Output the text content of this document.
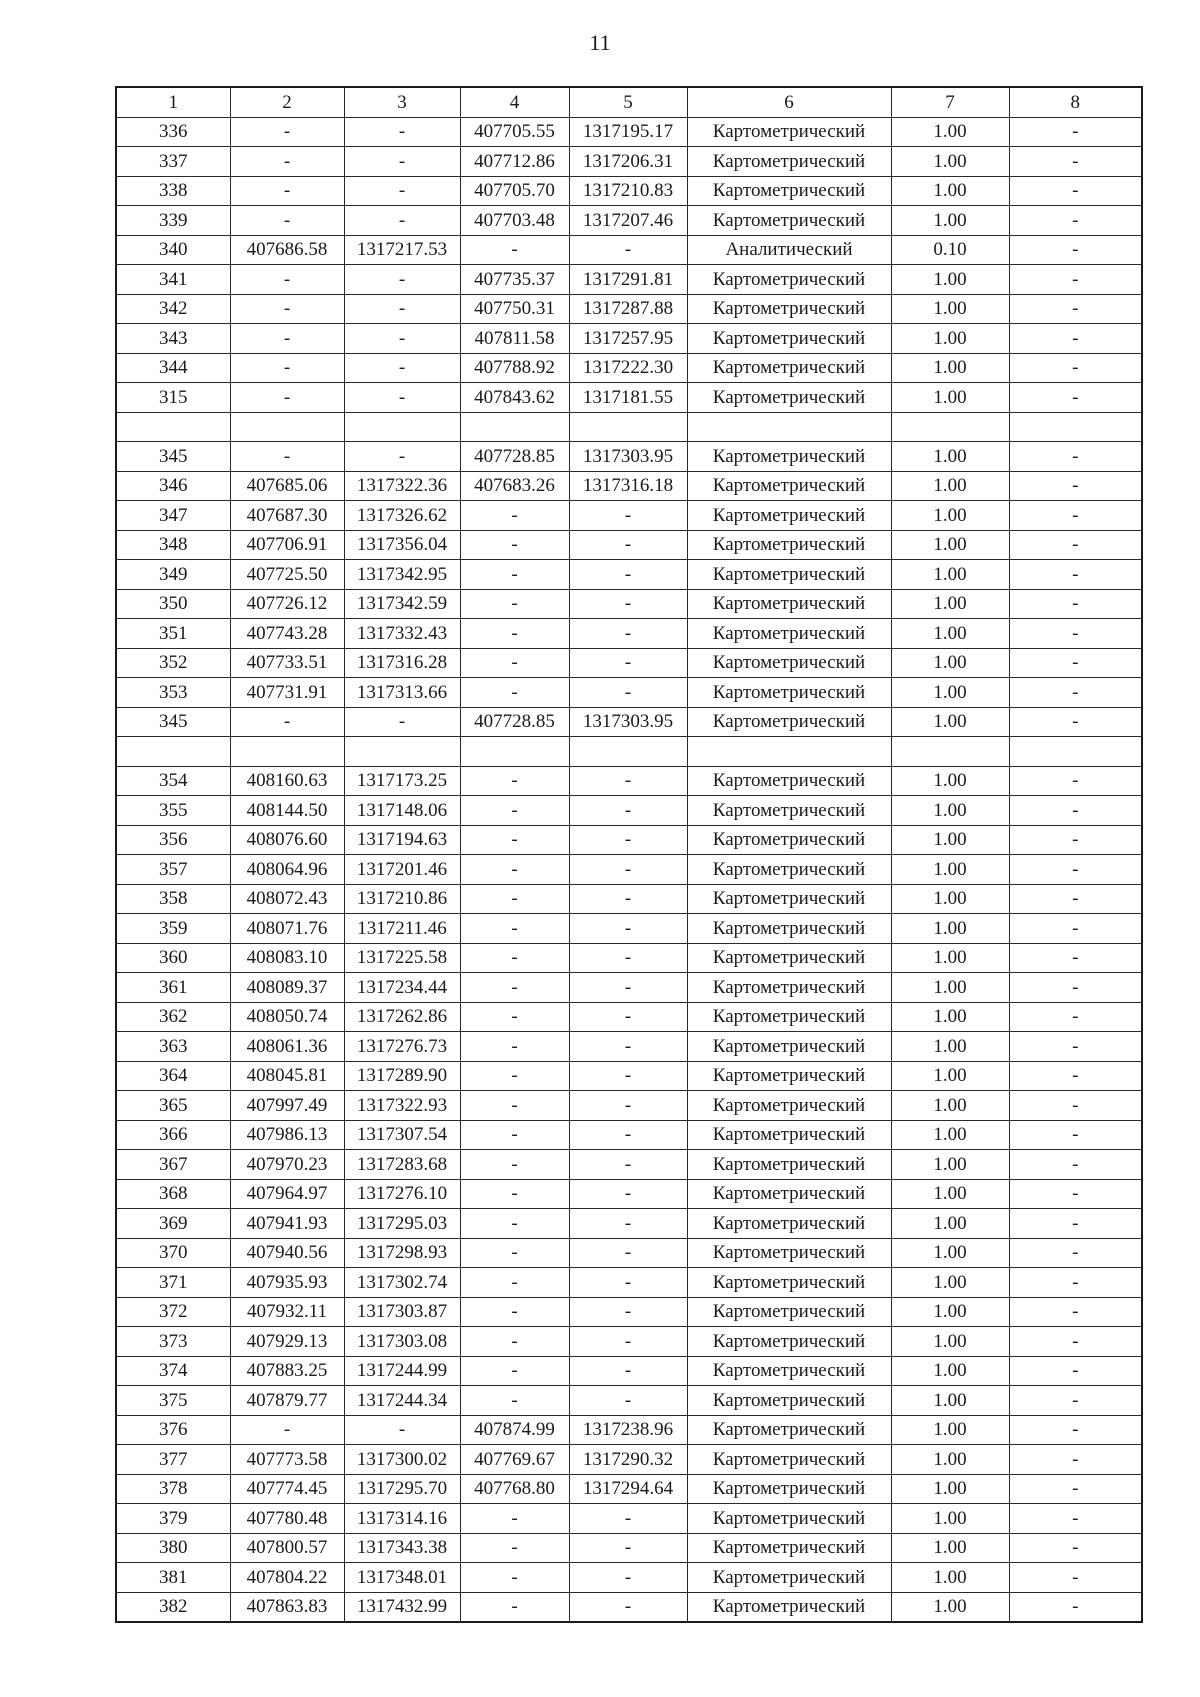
11
1	2	3	4	5	6	7	8
336	-	-	407705.55	1317195.17	Картометрический	1.00	-
337	-	-	407712.86	1317206.31	Картометрический	1.00	-
338	-	-	407705.70	1317210.83	Картометрический	1.00	-
339	-	-	407703.48	1317207.46	Картометрический	1.00	-
340	407686.58	1317217.53	-	-	Аналитический	0.10	-
341	-	-	407735.37	1317291.81	Картометрический	1.00	-
342	-	-	407750.31	1317287.88	Картометрический	1.00	-
343	-	-	407811.58	1317257.95	Картометрический	1.00	-
344	-	-	407788.92	1317222.30	Картометрический	1.00	-
315	-	-	407843.62	1317181.55	Картометрический	1.00	-

345	-	-	407728.85	1317303.95	Картометрический	1.00	-
346	407685.06	1317322.36	407683.26	1317316.18	Картометрический	1.00	-
347	407687.30	1317326.62	-	-	Картометрический	1.00	-
348	407706.91	1317356.04	-	-	Картометрический	1.00	-
349	407725.50	1317342.95	-	-	Картометрический	1.00	-
350	407726.12	1317342.59	-	-	Картометрический	1.00	-
351	407743.28	1317332.43	-	-	Картометрический	1.00	-
352	407733.51	1317316.28	-	-	Картометрический	1.00	-
353	407731.91	1317313.66	-	-	Картометрический	1.00	-
345	-	-	407728.85	1317303.95	Картометрический	1.00	-

354	408160.63	1317173.25	-	-	Картометрический	1.00	-
355	408144.50	1317148.06	-	-	Картометрический	1.00	-
356	408076.60	1317194.63	-	-	Картометрический	1.00	-
357	408064.96	1317201.46	-	-	Картометрический	1.00	-
358	408072.43	1317210.86	-	-	Картометрический	1.00	-
359	408071.76	1317211.46	-	-	Картометрический	1.00	-
360	408083.10	1317225.58	-	-	Картометрический	1.00	-
361	408089.37	1317234.44	-	-	Картометрический	1.00	-
362	408050.74	1317262.86	-	-	Картометрический	1.00	-
363	408061.36	1317276.73	-	-	Картометрический	1.00	-
364	408045.81	1317289.90	-	-	Картометрический	1.00	-
365	407997.49	1317322.93	-	-	Картометрический	1.00	-
366	407986.13	1317307.54	-	-	Картометрический	1.00	-
367	407970.23	1317283.68	-	-	Картометрический	1.00	-
368	407964.97	1317276.10	-	-	Картометрический	1.00	-
369	407941.93	1317295.03	-	-	Картометрический	1.00	-
370	407940.56	1317298.93	-	-	Картометрический	1.00	-
371	407935.93	1317302.74	-	-	Картометрический	1.00	-
372	407932.11	1317303.87	-	-	Картометрический	1.00	-
373	407929.13	1317303.08	-	-	Картометрический	1.00	-
374	407883.25	1317244.99	-	-	Картометрический	1.00	-
375	407879.77	1317244.34	-	-	Картометрический	1.00	-
376	-	-	407874.99	1317238.96	Картометрический	1.00	-
377	407773.58	1317300.02	407769.67	1317290.32	Картометрический	1.00	-
378	407774.45	1317295.70	407768.80	1317294.64	Картометрический	1.00	-
379	407780.48	1317314.16	-	-	Картометрический	1.00	-
380	407800.57	1317343.38	-	-	Картометрический	1.00	-
381	407804.22	1317348.01	-	-	Картометрический	1.00	-
382	407863.83	1317432.99	-	-	Картометрический	1.00	-
